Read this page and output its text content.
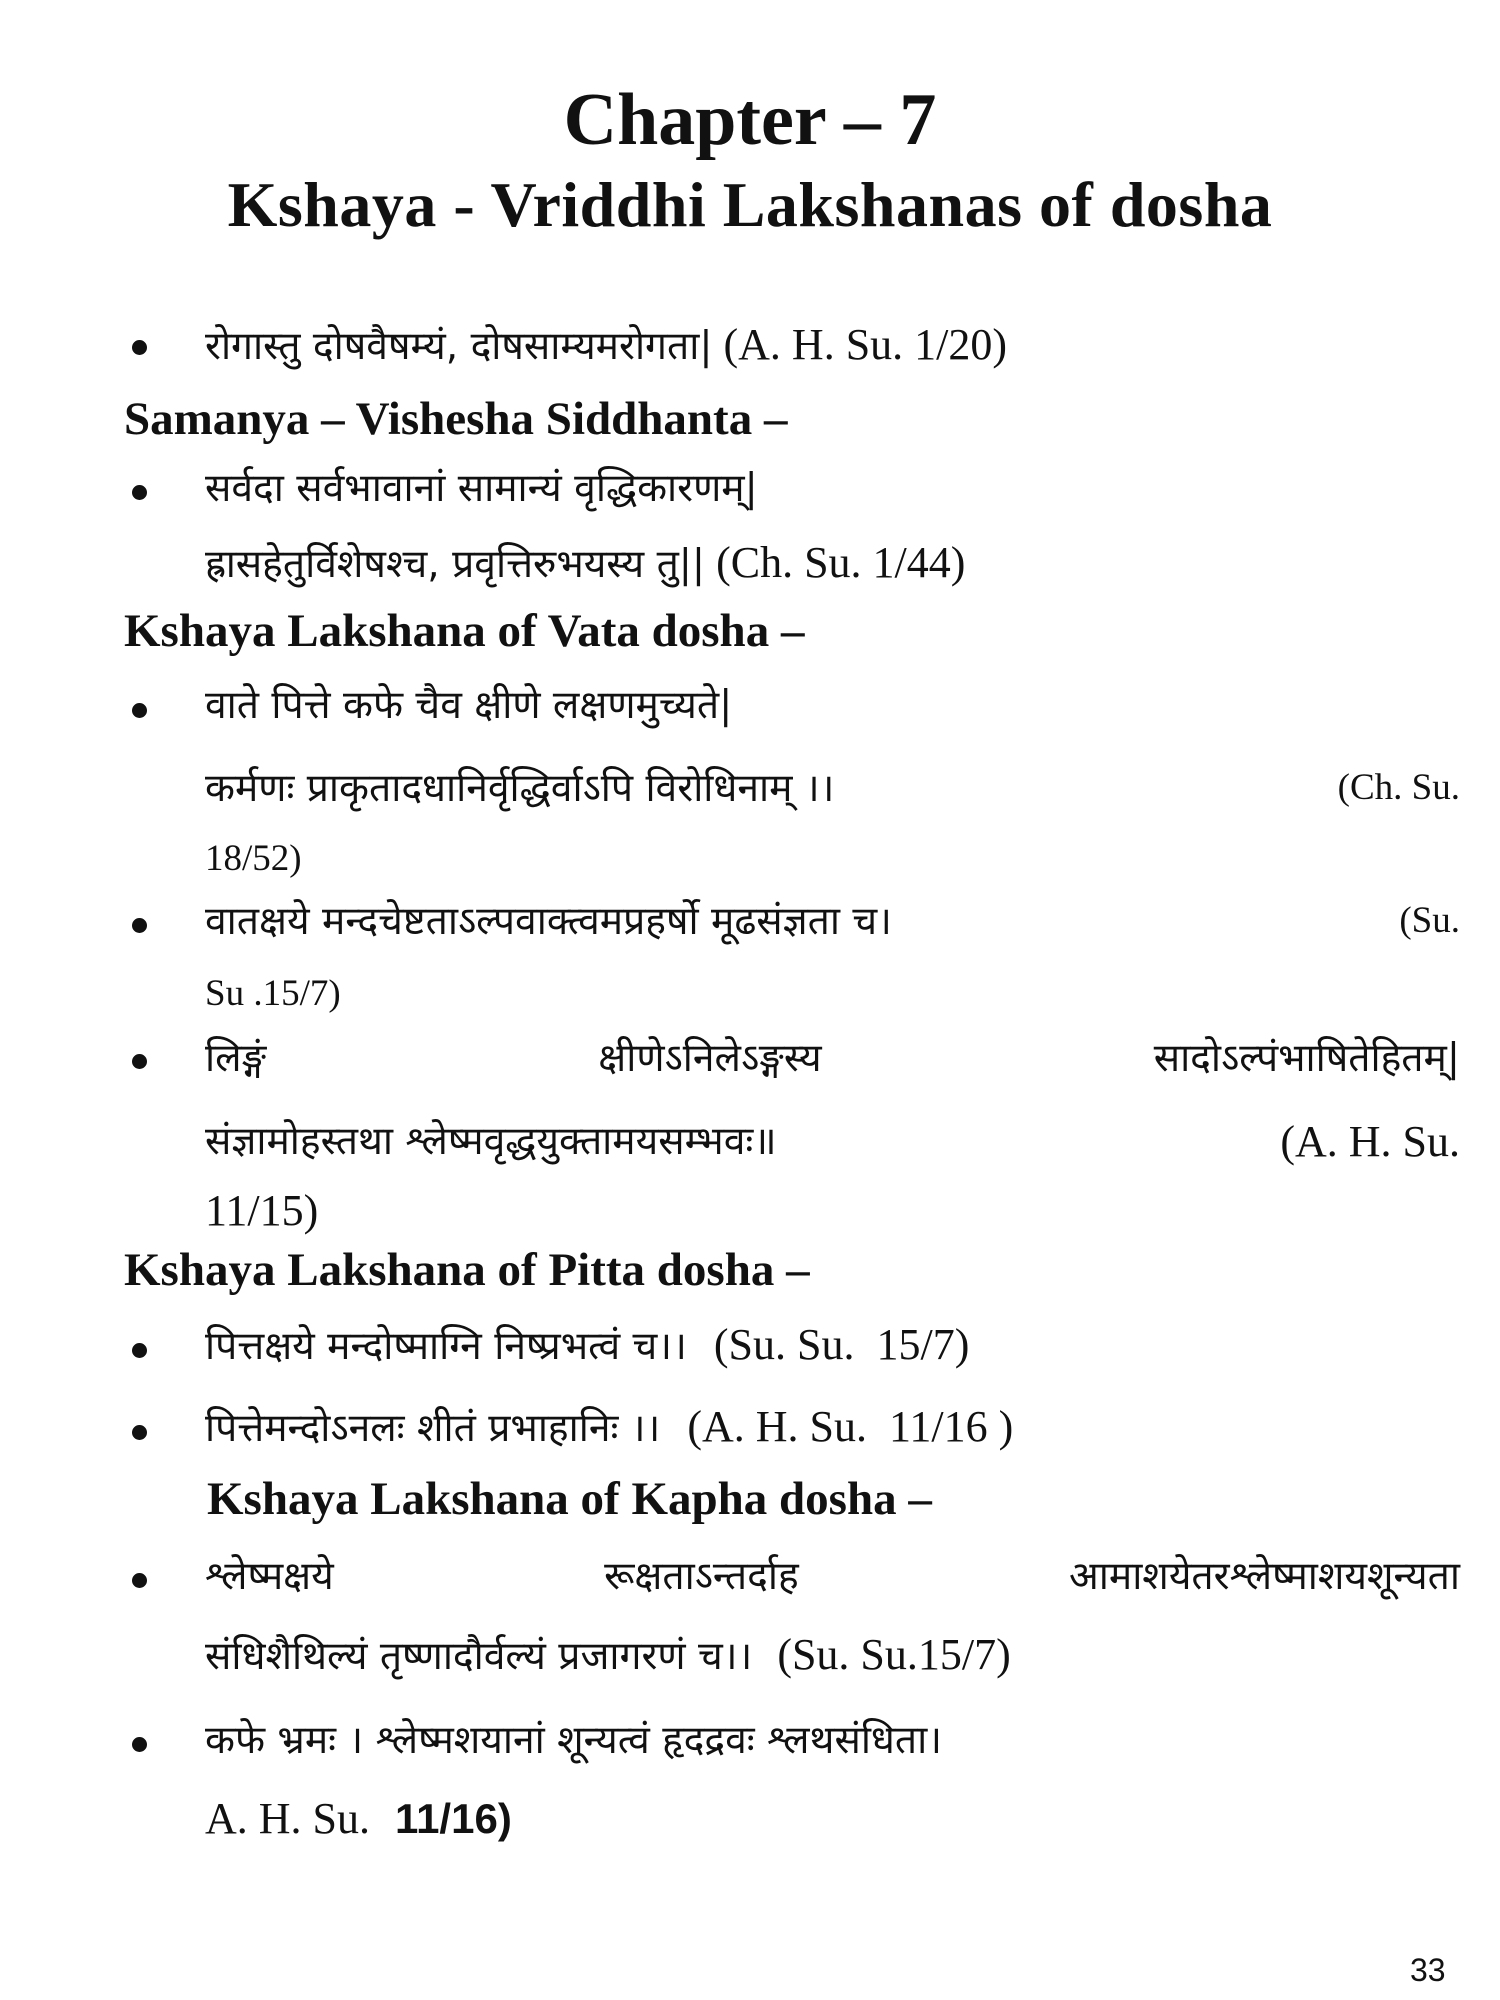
Chapter – 7
Kshaya - Vriddhi Lakshanas of dosha

रोगास्तु दोषवैषम्यं, दोषसाम्यमरोगता| (A. H. Su. 1/20)

Samanya – Vishesha Siddhanta –

सर्वदा सर्वभावानां सामान्यं वृद्धिकारणम्|

ह्रासहेतुर्विशेषश्च, प्रवृत्तिरुभयस्य तु|| (Ch. Su. 1/44)

Kshaya Lakshana of Vata dosha –

वाते पित्ते कफे चैव क्षीणे लक्षणमुच्यते|

कर्मणः प्राकृतादधानिर्वृद्धिर्वाऽपि विरोधिनाम् ।।	(Ch. Su.

18/52)

वातक्षये मन्दचेष्टताऽल्पवाक्त्वमप्रहर्षो मूढसंज्ञता च।	(Su.

Su .15/7)

लिङ्गं	क्षीणेऽनिलेऽङ्गस्य	सादोऽल्पंभाषितेहितम्|

संज्ञामोहस्तथा श्लेष्मवृद्धयुक्तामयसम्भवः॥	(A. H. Su.

11/15)

Kshaya Lakshana of Pitta dosha –

पित्तक्षये मन्दोष्माग्नि निष्प्रभत्वं च।। (Su. Su.  15/7)

पित्तेमन्दोऽनलः शीतं प्रभाहानिः ।। (A. H. Su.  11/16 )

Kshaya Lakshana of Kapha dosha –

श्लेष्मक्षये	रूक्षताऽन्तर्दाह	आमाशयेतरश्लेष्माशयशून्यता

संधिशैथिल्यं तृष्णादौर्वल्यं प्रजागरणं च।। (Su. Su.15/7)

कफे भ्रमः । श्लेष्मशयानां शून्यत्वं हृदद्रवः श्लथसंधिता।

A. H. Su. 11/16)

33
